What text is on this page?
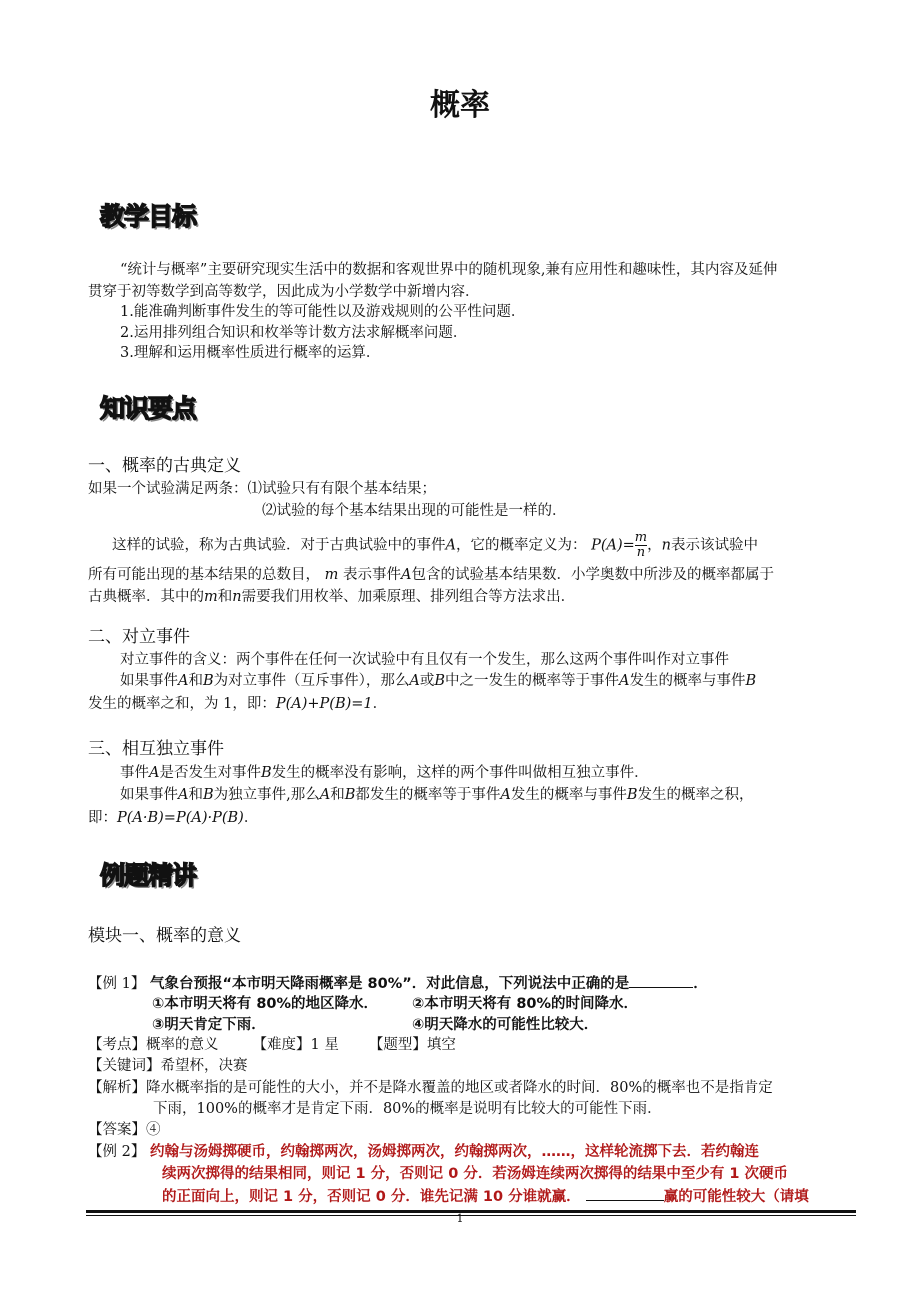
概率
教学目标
“统计与概率”主要研究现实生活中的数据和客观世界中的随机现象,兼有应用性和趣味性，其内容及延伸
贯穿于初等数学到高等数学，因此成为小学数学中新增内容．
1.能准确判断事件发生的等可能性以及游戏规则的公平性问题．
2.运用排列组合知识和枚举等计数方法求解概率问题．
3.理解和运用概率性质进行概率的运算．
知识要点
一、概率的古典定义
如果一个试验满足两条：⑴试验只有有限个基本结果；
⑵试验的每个基本结果出现的可能性是一样的．
这样的试验，称为古典试验．对于古典试验中的事件A，它的概率定义为： $P(A)= \frac{m}{n}$ ，n表示该试验中
所有可能出现的基本结果的总数目， m 表示事件A包含的试验基本结果数．小学奥数中所涉及的概率都属于
古典概率．其中的m和n需要我们用枚举、加乘原理、排列组合等方法求出．
二、对立事件
对立事件的含义：两个事件在任何一次试验中有且仅有一个发生，那么这两个事件叫作对立事件
如果事件A和B为对立事件（互斥事件），那么A或B中之一发生的概率等于事件A发生的概率与事件B
发生的概率之和，为 1，即：P(A)+P(B)=1．
三、相互独立事件
事件A是否发生对事件B发生的概率没有影响，这样的两个事件叫做相互独立事件．
如果事件A和B为独立事件,那么A和B都发生的概率等于事件A发生的概率与事件B发生的概率之积，
即：P(A·B)=P(A)·P(B)．
例题精讲
模块一、概率的意义
【例 1】 气象台预报“本市明天降雨概率是 80%”．对此信息，下列说法中正确的是	．
①本市明天将有 80%的地区降水． ②本市明天将有 80%的时间降水．
③明天肯定下雨．	④明天降水的可能性比较大．
【考点】概率的意义 【难度】1 星 【题型】填空
【关键词】希望杯，决赛
【解析】降水概率指的是可能性的大小，并不是降水覆盖的地区或者降水的时间．80%的概率也不是指肯定
下雨，100%的概率才是肯定下雨．80%的概率是说明有比较大的可能性下雨．
【答案】④
【例 2】 约翰与汤姆掷硬币，约翰掷两次，汤姆掷两次，约翰掷两次，……，这样轮流掷下去．若约翰连
续两次掷得的结果相同，则记 1 分，否则记 0 分．若汤姆连续两次掷得的结果中至少有 1 次硬币
的正面向上，则记 1 分，否则记 0 分．谁先记满 10 分谁就赢．	赢的可能性较大（请填
1
